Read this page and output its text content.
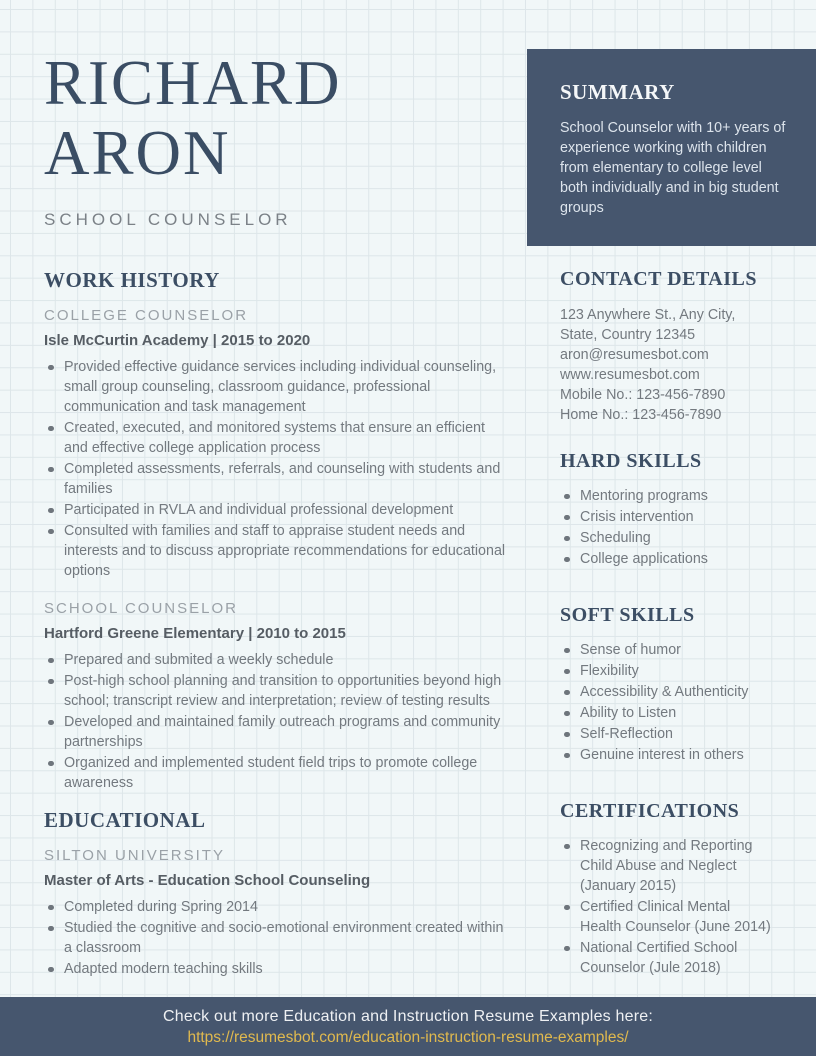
RICHARD ARON
SCHOOL COUNSELOR
SUMMARY
School Counselor with 10+ years of experience working with children from elementary to college level both individually and in big student groups
WORK HISTORY
COLLEGE COUNSELOR
Isle McCurtin Academy | 2015 to 2020
Provided effective guidance services including individual counseling, small group counseling, classroom guidance, professional communication and task management
Created, executed, and monitored systems that ensure an efficient and effective college application process
Completed assessments, referrals, and counseling with students and families
Participated in RVLA and individual professional development
Consulted with families and staff to appraise student needs and interests and to discuss appropriate recommendations for educational options
SCHOOL COUNSELOR
Hartford Greene Elementary | 2010 to 2015
Prepared and submited a weekly schedule
Post-high school planning and transition to opportunities beyond high school; transcript review and interpretation; review of testing results
Developed and maintained family outreach programs and community partnerships
Organized and implemented student field trips to promote college awareness
EDUCATIONAL
SILTON UNIVERSITY
Master of Arts - Education School Counseling
Completed during Spring 2014
Studied the cognitive and socio-emotional environment created within a classroom
Adapted modern teaching skills
CONTACT DETAILS
123 Anywhere St., Any City, State, Country 12345
aron@resumesbot.com
www.resumesbot.com
Mobile No.: 123-456-7890
Home No.: 123-456-7890
HARD SKILLS
Mentoring programs
Crisis intervention
Scheduling
College applications
SOFT SKILLS
Sense of humor
Flexibility
Accessibility & Authenticity
Ability to Listen
Self-Reflection
Genuine interest in others
CERTIFICATIONS
Recognizing and Reporting Child Abuse and Neglect (January 2015)
Certified Clinical Mental Health Counselor (June 2014)
National Certified School Counselor (Jule 2018)
Check out more Education and Instruction Resume Examples here:
https://resumesbot.com/education-instruction-resume-examples/
